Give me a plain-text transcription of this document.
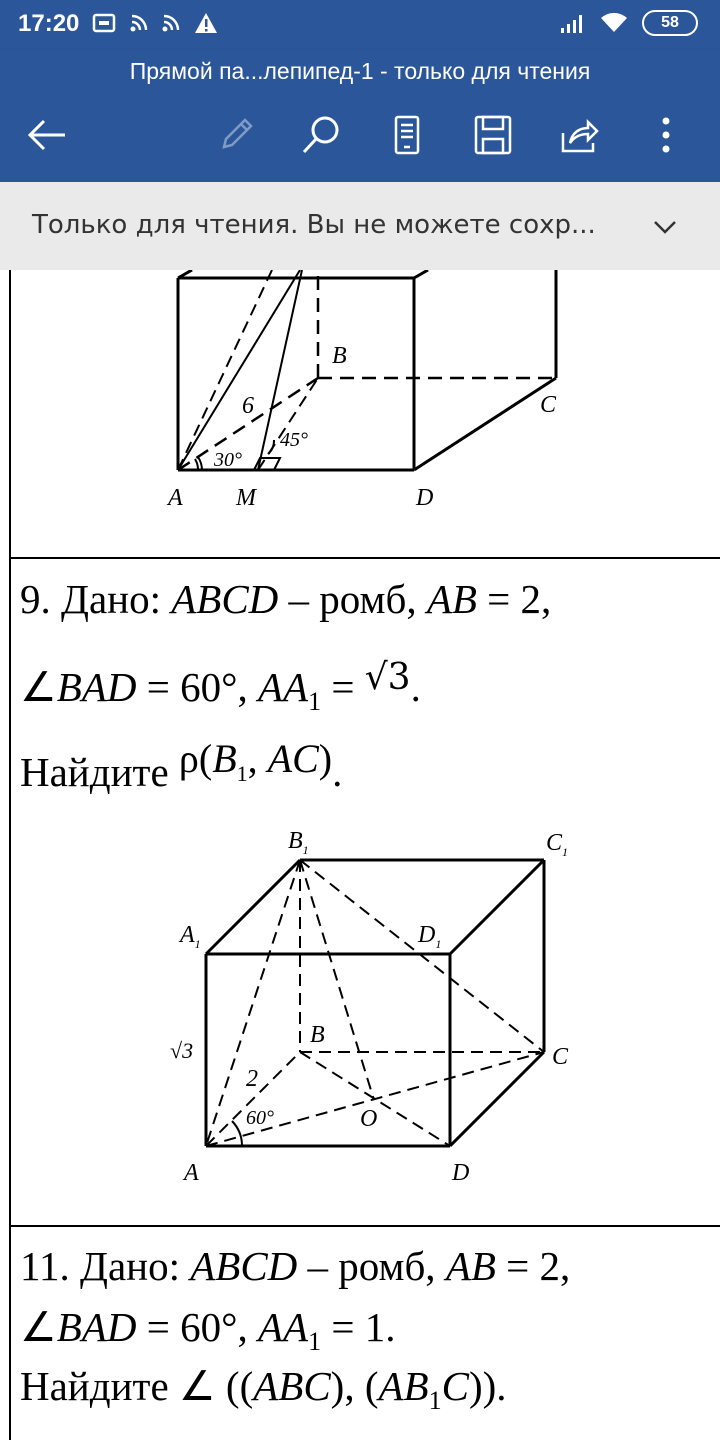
17:20	58
Прямой па...лепипед-1 - только для чтения
Только для чтения. Вы не можете сохр...
A M	D
B
C
6
30°
45°
9. Дано: ABCD – ромб, AB = 2,
∠BAD = 60°, $AA_1 = √3$.
Найдите $\rho(B_1$, AC).
$B_1$	$C_1$
$A_1$	$D_1$
B
C
√3
2
60°	O
A	D
11. Дано: ABCD – ромб, AB = 2,
∠BAD = 60°, $AA_1 = 1$.
Найдите ∠ ((ABC), $(AB_1C)$).
